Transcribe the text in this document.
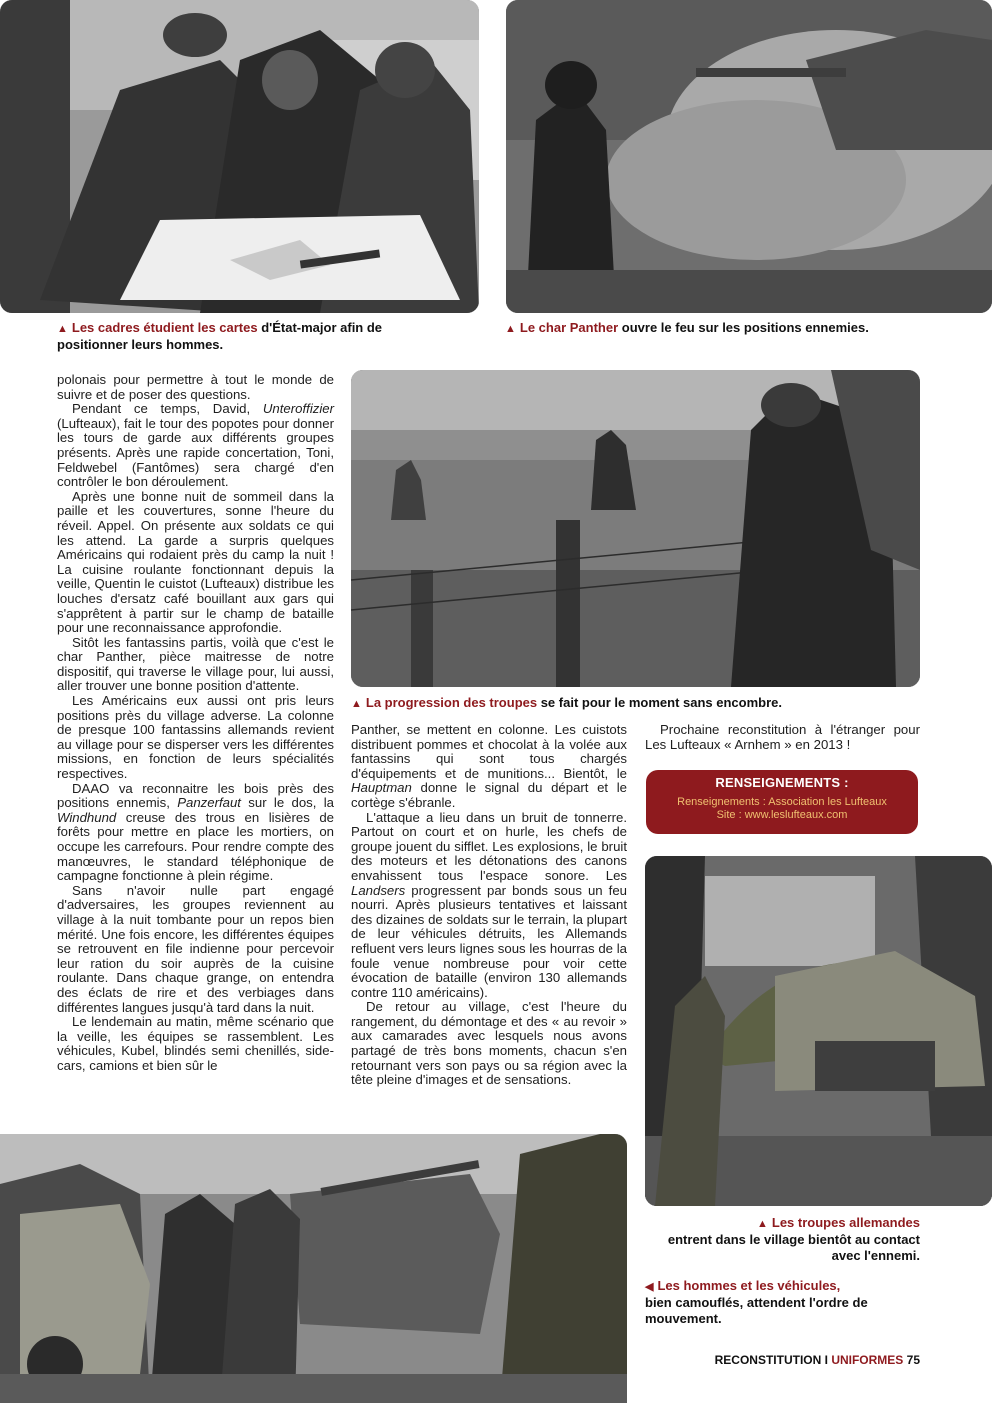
▲ Les cadres étudient les cartes d'État-major afin de positionner leurs hommes.
▲ Le char Panther ouvre le feu sur les positions ennemies.

polonais pour permettre à tout le monde de suivre et de poser des questions.

Pendant ce temps, David, Unteroffizier (Lufteaux), fait le tour des popotes pour donner les tours de garde aux différents groupes présents. Après une rapide concertation, Toni, Feldwebel (Fantômes) sera chargé d'en contrôler le bon déroulement.

Après une bonne nuit de sommeil dans la paille et les couvertures, sonne l'heure du réveil. Appel. On présente aux soldats ce qui les attend. La garde a surpris quelques Américains qui rodaient près du camp la nuit ! La cuisine roulante fonctionnant depuis la veille, Quentin le cuistot (Lufteaux) distribue les louches d'ersatz café bouillant aux gars qui s'apprêtent à partir sur le champ de bataille pour une reconnaissance approfondie.

Sitôt les fantassins partis, voilà que c'est le char Panther, pièce maitresse de notre dispositif, qui traverse le village pour, lui aussi, aller trouver une bonne position d'attente.

Les Américains eux aussi ont pris leurs positions près du village adverse. La colonne de presque 100 fantassins allemands revient au village pour se disperser vers les différentes missions, en fonction de leurs spécialités respectives.

DAAO va reconnaitre les bois près des positions ennemis, Panzerfaut sur le dos, la Windhund creuse des trous en lisières de forêts pour mettre en place les mortiers, on occupe les carrefours. Pour rendre compte des manœuvres, le standard téléphonique de campagne fonctionne à plein régime.

Sans n'avoir nulle part engagé d'adversaires, les groupes reviennent au village à la nuit tombante pour un repos bien mérité. Une fois encore, les différentes équipes se retrouvent en file indienne pour percevoir leur ration du soir auprès de la cuisine roulante. Dans chaque grange, on entendra des éclats de rire et des verbiages dans différentes langues jusqu'à tard dans la nuit.

Le lendemain au matin, même scénario que la veille, les équipes se rassemblent. Les véhicules, Kubel, blindés semi chenillés, side-cars, camions et bien sûr le

▲ La progression des troupes se fait pour le moment sans encombre.

Panther, se mettent en colonne. Les cuistots distribuent pommes et chocolat à la volée aux fantassins qui sont tous chargés d'équipements et de munitions... Bientôt, le Hauptman donne le signal du départ et le cortège s'ébranle.

L'attaque a lieu dans un bruit de tonnerre. Partout on court et on hurle, les chefs de groupe jouent du sifflet. Les explosions, le bruit des moteurs et les détonations des canons envahissent tous l'espace sonore. Les Landsers progressent par bonds sous un feu nourri. Après plusieurs tentatives et laissant des dizaines de soldats sur le terrain, la plupart de leur véhicules détruits, les Allemands refluent vers leurs lignes sous les hourras de la foule venue nombreuse pour voir cette évocation de bataille (environ 130 allemands contre 110 américains).

De retour au village, c'est l'heure du rangement, du démontage et des « au revoir » aux camarades avec lesquels nous avons partagé de très bons moments, chacun s'en retournant vers son pays ou sa région avec la tête pleine d'images et de sensations.

Prochaine reconstitution à l'étranger pour Les Lufteaux « Arnhem » en 2013 !

RENSEIGNEMENTS :
Renseignements : Association les Lufteaux
Site : www.leslufteaux.com
▲ Les troupes allemandes
entrent dans le village bientôt au contact avec l'ennemi.
◀ Les hommes et les véhicules,
bien camouflés, attendent l'ordre de mouvement.
RECONSTITUTION I UNIFORMES 75
